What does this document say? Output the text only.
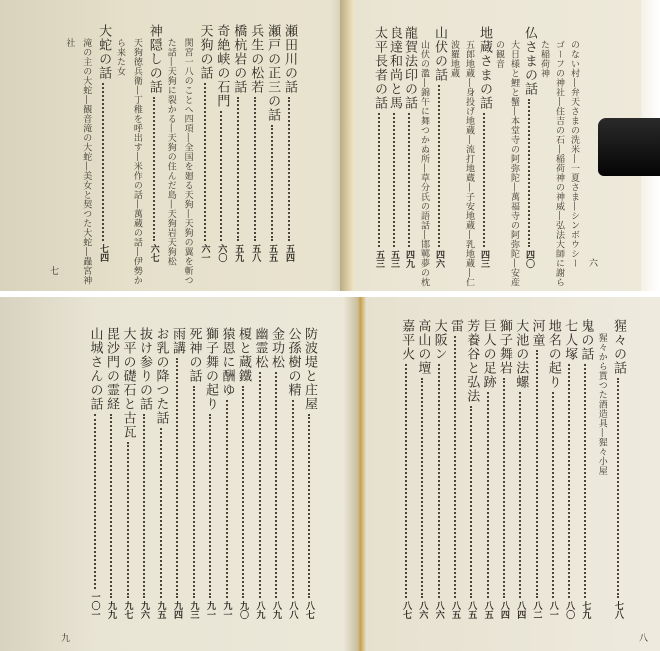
七
六
瀬田川の話
五四
瀬戸の正三の話
五五
兵生の松若
五八
橋杭岩の話
五九
奇絶峡の石門
六〇
天狗の話
六一
関宮一八のことへ四項―全国を廻る天狗―天狗の翼を斬つ
た話―天狗に裂かる―天狗の住んだ島―天狗岩天狗松
神隠しの話
六七
天狗徳兵衛―丁稚を呼出す―米作の話―萬蔵の話―伊勢か
ら来た女
大蛇の話
七四
滝の主の大蛇―観音滝の大蛇―美女と契つた大蛇―蟲宮神
社	のない村―弁天さまの洗米―一夏さま―シンボウシー
ゴーフの神社―住吉の石―稲荷神の神威―弘法大師に謝ら
た稲荷神
仏さまの話
四〇
大日様と鯉と蟹―本堂寺の阿弥陀―萬福寺の阿弥陀―安産
の観音
地蔵さまの話
四三
五郎地蔵―身投げ地蔵―流打地蔵―子安地蔵―乳地蔵―仁
波羅地蔵
山伏の話
四六
山伏の濫―錦午に舞つかぬ所―草分氏の語話―邯鄲夢の枕
龍賀法印の話
四九
良達和尚と馬
五三
太平長者の話
五三
九	八
防波堤と庄屋
八七
公孫樹の精
八八
金功松
八九
幽霊松
八九
榎と蔵鐵
九〇
猿恩に酬ゆ
九一
獅子舞の起り
九一
死神の話
九三
雨講
九四
お乳の降つた話
九五
抜け参りの話
九六
大平の礎石と古瓦
九七
毘沙門の霊経
九九
山城さんの話
一〇一
猩々の話
七八
猩々から貰つた酒造具―猩々小屋
鬼の話
七九
七人塚
八〇
地名の起り
八一
河童
八二
大池の法螺
八四
獅子舞岩
八四
巨人の足跡
八五
芳養谷と弘法
八五
雷
八五
大阪ン
八六
高山の壇
八六
嘉平火
八七
